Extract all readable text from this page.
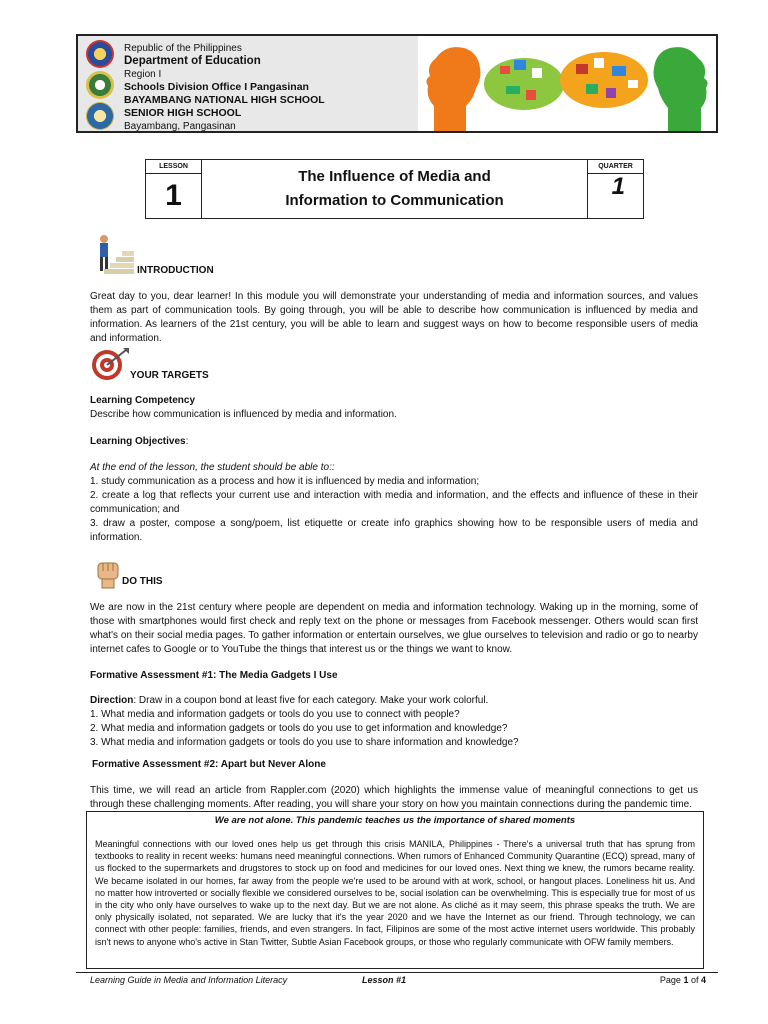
Republic of the Philippines
Department of Education
Region I
Schools Division Office I Pangasinan
BAYAMBANG NATIONAL HIGH SCHOOL
SENIOR HIGH SCHOOL
Bayambang, Pangasinan
LESSON
1
The Influence of Media and
Information to Communication
QUARTER
1
INTRODUCTION
Great day to you, dear learner! In this module you will demonstrate your understanding of media and information sources, and values them as part of communication tools. By going through, you will be able to describe how communication is influenced by media and information. As learners of the 21st century, you will be able to learn and suggest ways on how to become responsible users of media and information.
YOUR TARGETS

Learning Competency

Describe how communication is influenced by media and information.

Learning Objectives:

At the end of the lesson, the student should be able to::

1. study communication as a process and how it is influenced by media and information;

2. create a log that reflects your current use and interaction with media and information, and the effects and influence of these in their communication; and

3. draw a poster, compose a song/poem, list etiquette or create info graphics showing how to be responsible users of media and information.

DO THIS
We are now in the 21st century where people are dependent on media and information technology. Waking up in the morning, some of those with smartphones would first check and reply text on the phone or messages from Facebook messenger. Others would scan first what's on their social media pages. To gather information or entertain ourselves, we glue ourselves to television and radio or go to nearby internet cafes to Google or to YouTube the things that interest us or the things we want to know.

Formative Assessment #1: The Media Gadgets I Use

Direction: Draw in a coupon bond at least five for each category. Make your work colorful.

1. What media and information gadgets or tools do you use to connect with people?

2. What media and information gadgets or tools do you use to get information and knowledge?

3. What media and information gadgets or tools do you use to share information and knowledge?

Formative Assessment #2: Apart but Never Alone
This time, we will read an article from Rappler.com (2020) which highlights the immense value of meaningful connections to get us through these challenging moments. After reading, you will share your story on how you maintain connections during the pandemic time.
We are not alone. This pandemic teaches us the importance of shared moments
Meaningful connections with our loved ones help us get through this crisis MANILA, Philippines - There's a universal truth that has sprung from textbooks to reality in recent weeks: humans need meaningful connections. When rumors of Enhanced Community Quarantine (ECQ) spread, many of us flocked to the supermarkets and drugstores to stock up on food and medicines for our loved ones. Next thing we knew, the rumors became reality. We became isolated in our homes, far away from the people we're used to be around with at work, school, or hangout places. Loneliness hit us. And no matter how introverted or socially flexible we considered ourselves to be, social isolation can be overwhelming. This is especially true for most of us in the city who only have ourselves to wake up to the next day. But we are not alone. As cliché as it may seem, this phrase speaks the truth. We are only physically isolated, not separated. We are lucky that it's the year 2020 and we have the Internet as our friend. Through technology, we can connect with other people: families, friends, and even strangers. In fact, Filipinos are some of the most active internet users worldwide. This probably isn't news to anyone who's active in Stan Twitter, Subtle Asian Facebook groups, or those who regularly communicate with OFW family members.
Learning Guide in Media and Information Literacy	Lesson #1	Page 1 of 4
